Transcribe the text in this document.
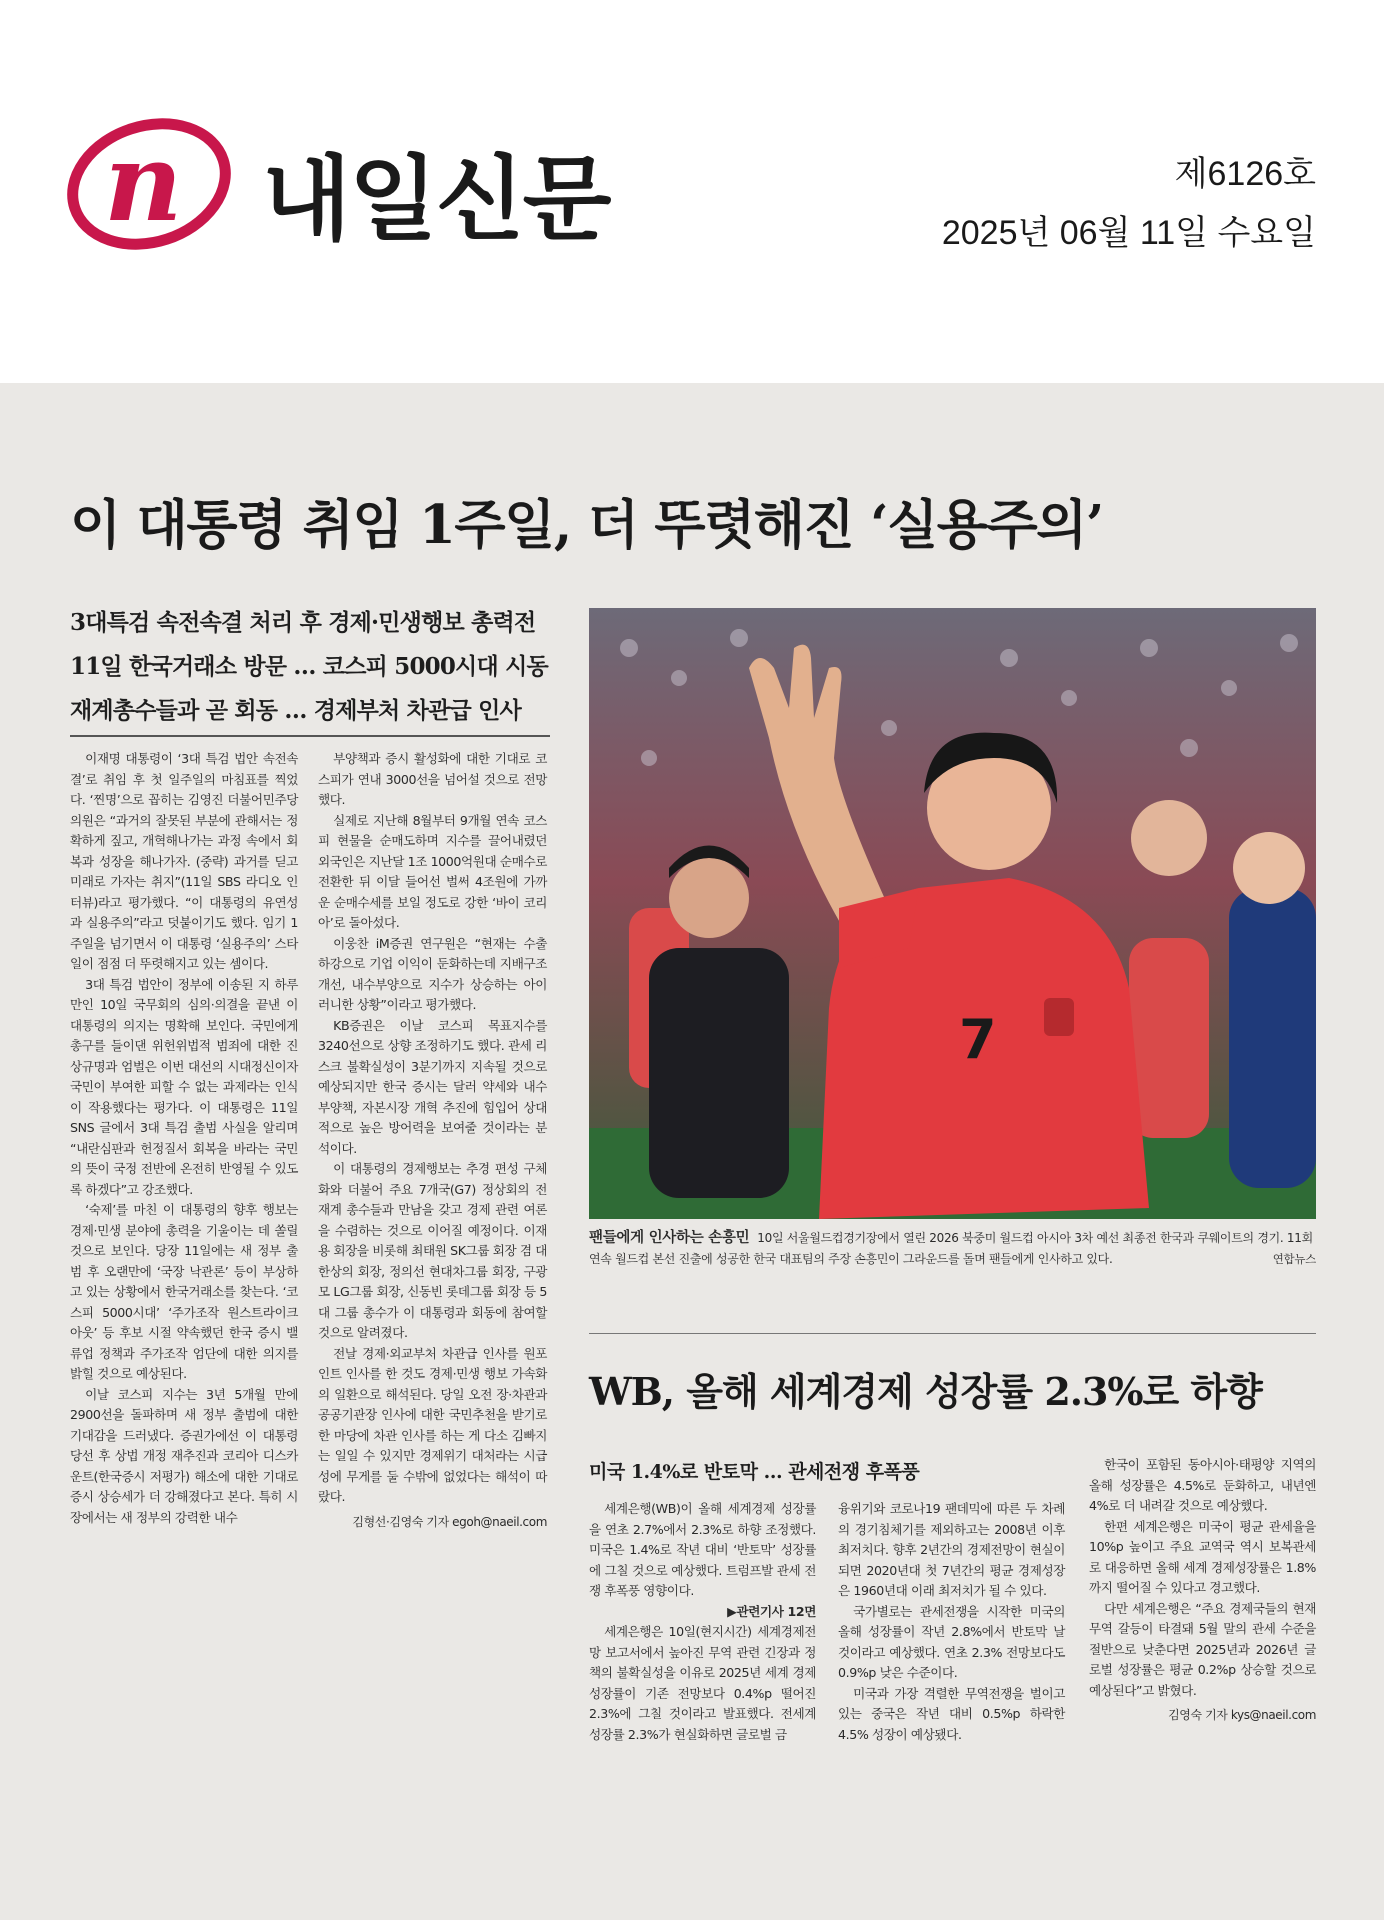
n 내일신문	제6126호
2025년 06월 11일 수요일
이 대통령 취임 1주일, 더 뚜렷해진 ‘실용주의’
3대특검 속전속결 처리 후 경제·민생행보 총력전
11일 한국거래소 방문 … 코스피 5000시대 시동
재계총수들과 곧 회동 … 경제부처 차관급 인사

이재명 대통령이 ‘3대 특검 법안 속전속결’로 취임 후 첫 일주일의 마침표를 찍었다. ‘찐명’으로 꼽히는 김영진 더불어민주당 의원은 “과거의 잘못된 부분에 관해서는 정확하게 짚고, 개혁해나가는 과정 속에서 회복과 성장을 해나가자. (중략) 과거를 딛고 미래로 가자는 취지”(11일 SBS 라디오 인터뷰)라고 평가했다. “이 대통령의 유연성과 실용주의”라고 덧붙이기도 했다. 임기 1주일을 넘기면서 이 대통령 ‘실용주의’ 스타일이 점점 더 뚜렷해지고 있는 셈이다.

3대 특검 법안이 정부에 이송된 지 하루 만인 10일 국무회의 심의·의결을 끝낸 이 대통령의 의지는 명확해 보인다. 국민에게 총구를 들이댄 위헌위법적 범죄에 대한 진상규명과 엄벌은 이번 대선의 시대정신이자 국민이 부여한 피할 수 없는 과제라는 인식이 작용했다는 평가다. 이 대통령은 11일 SNS 글에서 3대 특검 출범 사실을 알리며 “내란심판과 헌정질서 회복을 바라는 국민의 뜻이 국정 전반에 온전히 반영될 수 있도록 하겠다”고 강조했다.

‘숙제’를 마친 이 대통령의 향후 행보는 경제·민생 분야에 총력을 기울이는 데 쏠릴 것으로 보인다. 당장 11일에는 새 정부 출범 후 오랜만에 ‘국장 낙관론’ 등이 부상하고 있는 상황에서 한국거래소를 찾는다. ‘코스피 5000시대’ ‘주가조작 원스트라이크 아웃’ 등 후보 시절 약속했던 한국 증시 밸류업 정책과 주가조작 엄단에 대한 의지를 밝힐 것으로 예상된다.

이날 코스피 지수는 3년 5개월 만에 2900선을 돌파하며 새 정부 출범에 대한 기대감을 드러냈다. 증권가에선 이 대통령 당선 후 상법 개정 재추진과 코리아 디스카운트(한국증시 저평가) 해소에 대한 기대로 증시 상승세가 더 강해졌다고 본다. 특히 시장에서는 새 정부의 강력한 내수

부양책과 증시 활성화에 대한 기대로 코스피가 연내 3000선을 넘어설 것으로 전망했다.

실제로 지난해 8월부터 9개월 연속 코스피 현물을 순매도하며 지수를 끌어내렸던 외국인은 지난달 1조 1000억원대 순매수로 전환한 뒤 이달 들어선 벌써 4조원에 가까운 순매수세를 보일 정도로 강한 ‘바이 코리아’로 돌아섰다.

이웅찬 iM증권 연구원은 “현재는 수출 하강으로 기업 이익이 둔화하는데 지배구조 개선, 내수부양으로 지수가 상승하는 아이러니한 상황”이라고 평가했다.

KB증권은 이날 코스피 목표지수를 3240선으로 상향 조정하기도 했다. 관세 리스크 불확실성이 3분기까지 지속될 것으로 예상되지만 한국 증시는 달러 약세와 내수 부양책, 자본시장 개혁 추진에 힘입어 상대적으로 높은 방어력을 보여줄 것이라는 분석이다.

이 대통령의 경제행보는 추경 편성 구체화와 더불어 주요 7개국(G7) 정상회의 전 재계 총수들과 만남을 갖고 경제 관련 여론을 수렴하는 것으로 이어질 예정이다. 이재용 회장을 비롯해 최태원 SK그룹 회장 겸 대한상의 회장, 정의선 현대차그룹 회장, 구광모 LG그룹 회장, 신동빈 롯데그룹 회장 등 5대 그룹 총수가 이 대통령과 회동에 참여할 것으로 알려졌다.

전날 경제·외교부처 차관급 인사를 원포인트 인사를 한 것도 경제·민생 행보 가속화의 일환으로 해석된다. 당일 오전 장·차관과 공공기관장 인사에 대한 국민추천을 받기로 한 마당에 차관 인사를 하는 게 다소 김빠지는 일일 수 있지만 경제위기 대처라는 시급성에 무게를 둘 수밖에 없었다는 해석이 따랐다.

김형선·김영숙 기자 egoh@naeil.com

7
팬들에게 인사하는 손흥민 10일 서울월드컵경기장에서 열린 2026 북중미 월드컵 아시아 3차 예선 최종전 한국과 쿠웨이트의 경기. 11회 연속 월드컵 본선 진출에 성공한 한국 대표팀의 주장 손흥민이 그라운드를 돌며 팬들에게 인사하고 있다.	연합뉴스
WB, 올해 세계경제 성장률 2.3%로 하향
미국 1.4%로 반토막 … 관세전쟁 후폭풍

세계은행(WB)이 올해 세계경제 성장률을 연초 2.7%에서 2.3%로 하향 조정했다. 미국은 1.4%로 작년 대비 ‘반토막’ 성장률에 그칠 것으로 예상했다. 트럼프발 관세 전쟁 후폭풍 영향이다.

▶관련기사 12면

세계은행은 10일(현지시간) 세계경제전망 보고서에서 높아진 무역 관련 긴장과 정책의 불확실성을 이유로 2025년 세계 경제 성장률이 기존 전망보다 0.4%p 떨어진 2.3%에 그칠 것이라고 발표했다. 전세계 성장률 2.3%가 현실화하면 글로벌 금

융위기와 코로나19 팬데믹에 따른 두 차례의 경기침체기를 제외하고는 2008년 이후 최저치다. 향후 2년간의 경제전망이 현실이 되면 2020년대 첫 7년간의 평균 경제성장은 1960년대 이래 최저치가 될 수 있다.

국가별로는 관세전쟁을 시작한 미국의 올해 성장률이 작년 2.8%에서 반토막 날 것이라고 예상했다. 연초 2.3% 전망보다도 0.9%p 낮은 수준이다.

미국과 가장 격렬한 무역전쟁을 벌이고 있는 중국은 작년 대비 0.5%p 하락한 4.5% 성장이 예상됐다.

한국이 포함된 동아시아·태평양 지역의 올해 성장률은 4.5%로 둔화하고, 내년엔 4%로 더 내려갈 것으로 예상했다.

한편 세계은행은 미국이 평균 관세율을 10%p 높이고 주요 교역국 역시 보복관세로 대응하면 올해 세계 경제성장률은 1.8%까지 떨어질 수 있다고 경고했다.

다만 세계은행은 “주요 경제국들의 현재 무역 갈등이 타결돼 5월 말의 관세 수준을 절반으로 낮춘다면 2025년과 2026년 글로벌 성장률은 평균 0.2%p 상승할 것으로 예상된다”고 밝혔다.

김영숙 기자 kys@naeil.com
